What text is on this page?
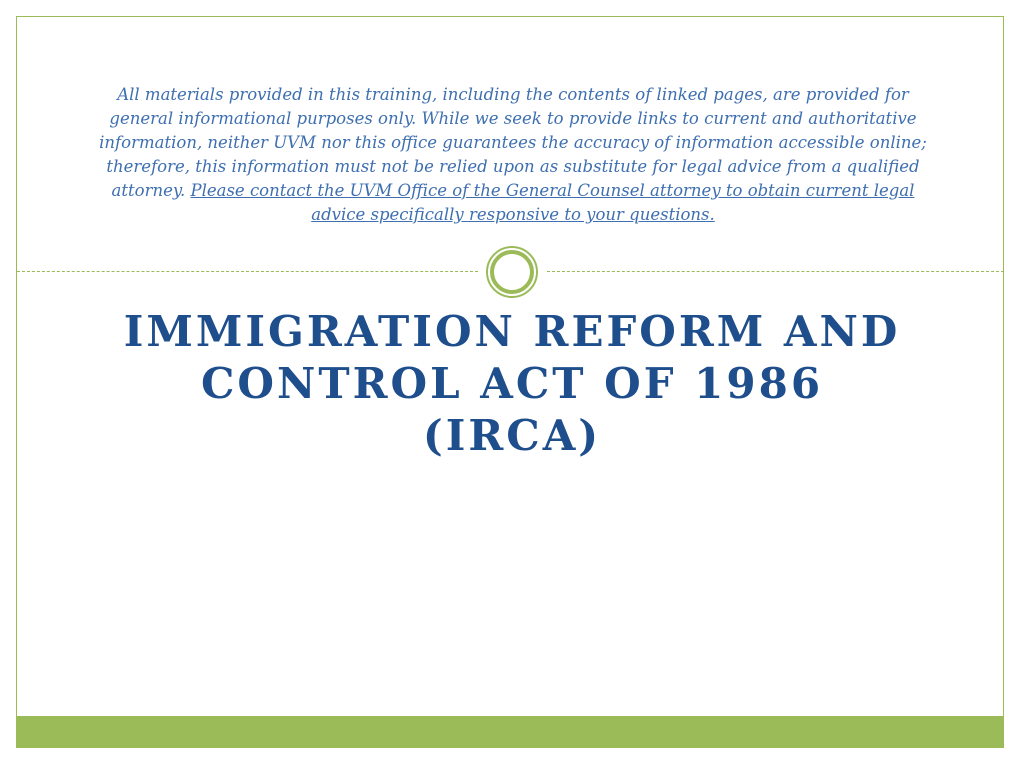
All materials provided in this training, including the contents of linked pages, are provided for general informational purposes only. While we seek to provide links to current and authoritative information, neither UVM nor this office guarantees the accuracy of information accessible online; therefore, this information must not be relied upon as substitute for legal advice from a qualified attorney. Please contact the UVM Office of the General Counsel attorney to obtain current legal advice specifically responsive to your questions.

IMMIGRATION REFORM AND CONTROL ACT OF 1986 (IRCA)
